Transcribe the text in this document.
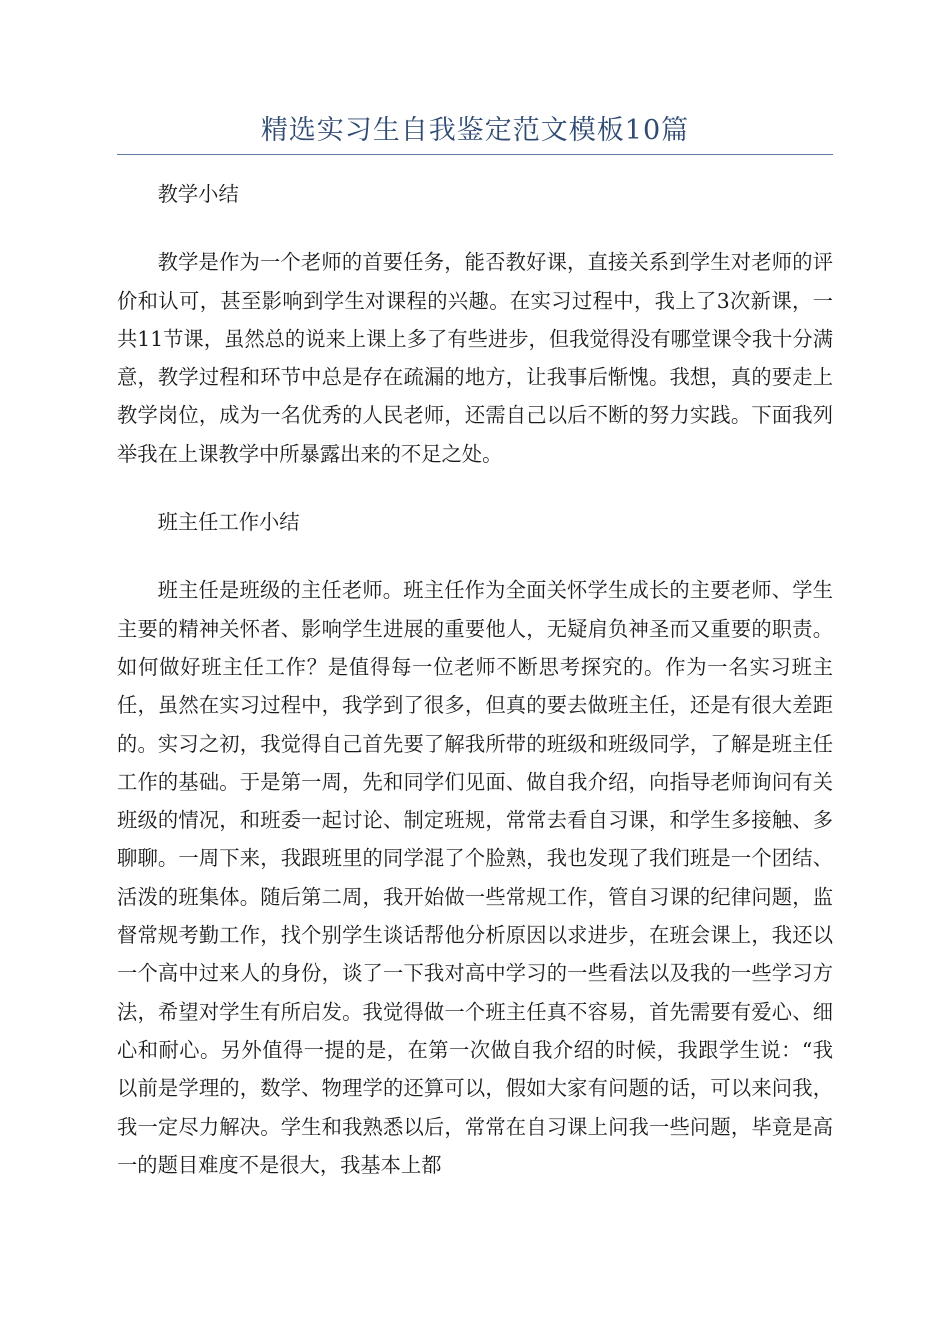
精选实习生自我鉴定范文模板10篇

教学小结

教学是作为一个老师的首要任务，能否教好课，直接关系到学生对老师的评价和认可，甚至影响到学生对课程的兴趣。在实习过程中，我上了3次新课，一共11节课，虽然总的说来上课上多了有些进步，但我觉得没有哪堂课令我十分满意，教学过程和环节中总是存在疏漏的地方，让我事后惭愧。我想，真的要走上教学岗位，成为一名优秀的人民老师，还需自己以后不断的努力实践。下面我列举我在上课教学中所暴露出来的不足之处。

班主任工作小结

班主任是班级的主任老师。班主任作为全面关怀学生成长的主要老师、学生主要的精神关怀者、影响学生进展的重要他人，无疑肩负神圣而又重要的职责。如何做好班主任工作？是值得每一位老师不断思考探究的。作为一名实习班主任，虽然在实习过程中，我学到了很多，但真的要去做班主任，还是有很大差距的。实习之初，我觉得自己首先要了解我所带的班级和班级同学，了解是班主任工作的基础。于是第一周，先和同学们见面、做自我介绍，向指导老师询问有关班级的情况，和班委一起讨论、制定班规，常常去看自习课，和学生多接触、多聊聊。一周下来，我跟班里的同学混了个脸熟，我也发现了我们班是一个团结、活泼的班集体。随后第二周，我开始做一些常规工作，管自习课的纪律问题，监督常规考勤工作，找个别学生谈话帮他分析原因以求进步，在班会课上，我还以一个高中过来人的身份，谈了一下我对高中学习的一些看法以及我的一些学习方法，希望对学生有所启发。我觉得做一个班主任真不容易，首先需要有爱心、细心和耐心。另外值得一提的是，在第一次做自我介绍的时候，我跟学生说：“我以前是学理的，数学、物理学的还算可以，假如大家有问题的话，可以来问我，我一定尽力解决。学生和我熟悉以后，常常在自习课上问我一些问题，毕竟是高一的题目难度不是很大，我基本上都
